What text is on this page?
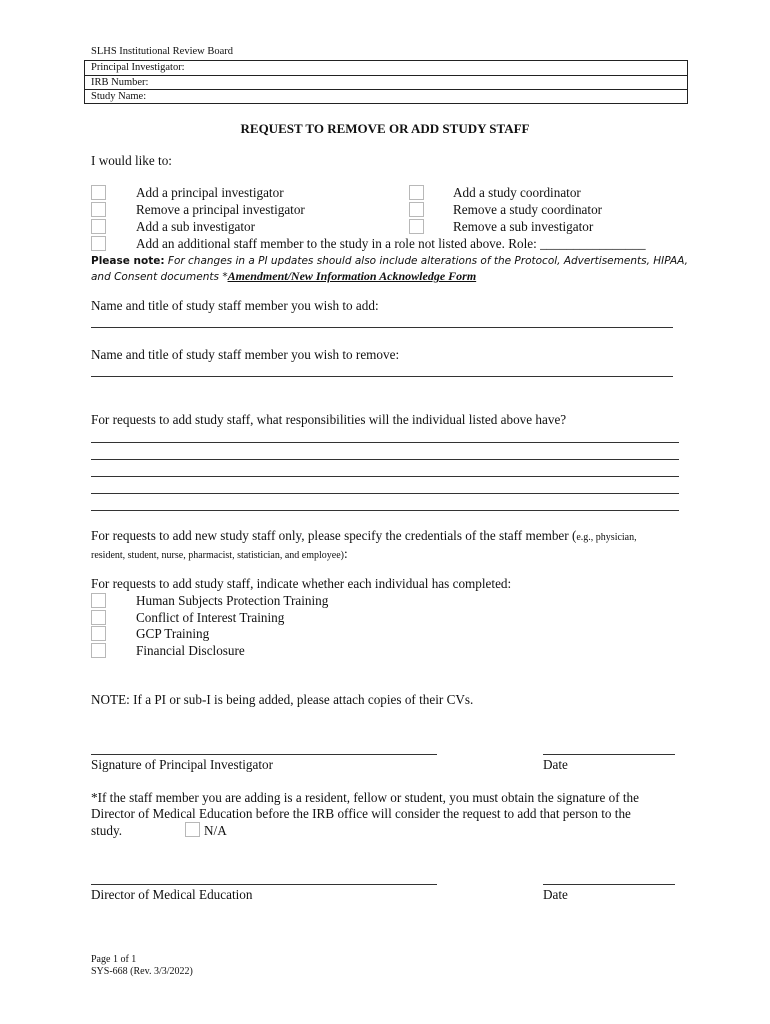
SLHS Institutional Review Board
Principal Investigator:
IRB Number:
Study Name:
REQUEST TO REMOVE OR ADD STUDY STAFF
I would like to:
Add a principal investigator
Remove a principal investigator
Add a sub investigator
Add an additional staff member to the study in a role not listed above. Role: ________________
Add a study coordinator
Remove a study coordinator
Remove a sub investigator
Please note: For changes in a PI updates should also include alterations of the Protocol, Advertisements, HIPAA,
and Consent documents *Amendment/New Information Acknowledge Form
Name and title of study staff member you wish to add:
Name and title of study staff member you wish to remove:
For requests to add study staff, what responsibilities will the individual listed above have?
For requests to add new study staff only, please specify the credentials of the staff member (e.g., physician,
resident, student, nurse, pharmacist, statistician, and employee):
For requests to add study staff, indicate whether each individual has completed:
Human Subjects Protection Training
Conflict of Interest Training
GCP Training
Financial Disclosure
NOTE: If a PI or sub-I is being added, please attach copies of their CVs.
Signature of Principal Investigator	Date
*If the staff member you are adding is a resident, fellow or student, you must obtain the signature of the
Director of Medical Education before the IRB office will consider the request to add that person to the
study.	N/A
Director of Medical Education	Date
Page 1 of 1
SYS-668 (Rev. 3/3/2022)
